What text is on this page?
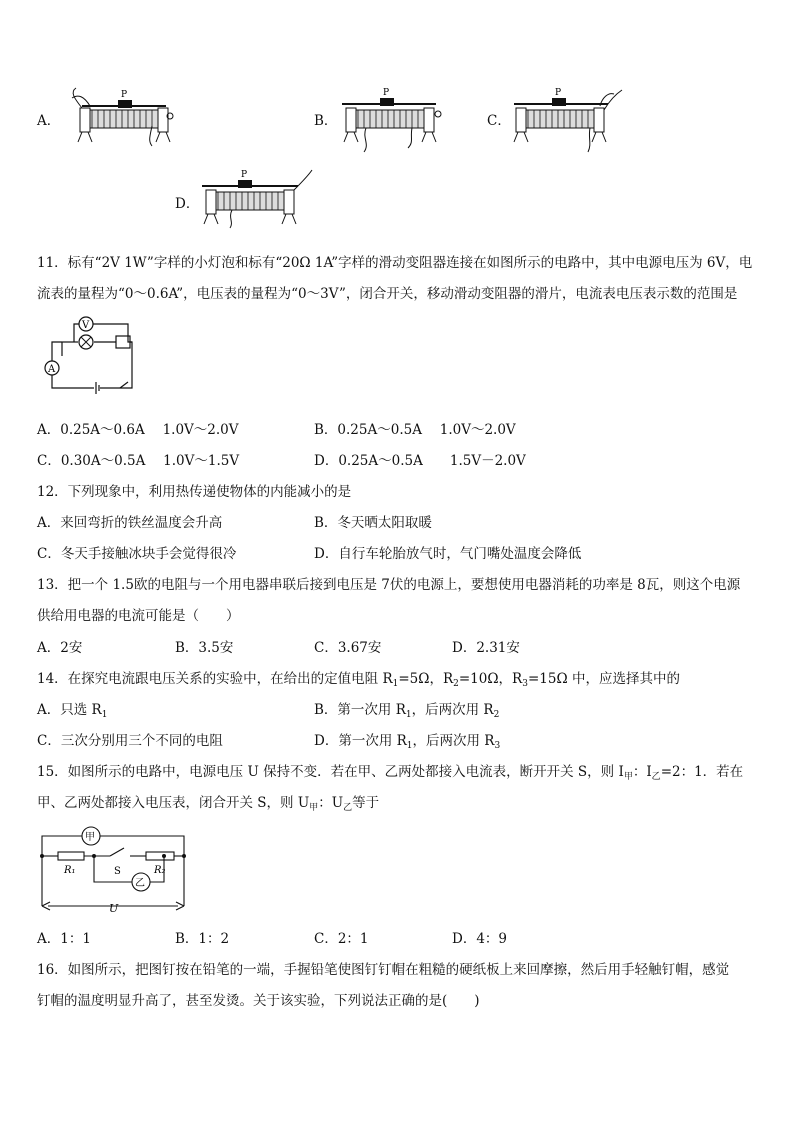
A．	B．	C．
D．
P	P	P
P
11．标有“2V 1W”字样的小灯泡和标有“20Ω 1A”字样的滑动变阻器连接在如图所示的电路中，其中电源电压为 6V，电
流表的量程为“0～0.6A”，电压表的量程为“0～3V”，闭合开关，移动滑动变阻器的滑片，电流表电压表示数的范围是
V
A
A．0.25A～0.6A　 1.0V～2.0V	B．0.25A～0.5A　 1.0V～2.0V
C．0.30A～0.5A　 1.0V～1.5V	D．0.25A～0.5A　　1.5V－2.0V
12．下列现象中，利用热传递使物体的内能减小的是
A．来回弯折的铁丝温度会升高	B．冬天晒太阳取暖
C．冬天手接触冰块手会觉得很冷	D．自行车轮胎放气时，气门嘴处温度会降低
13．把一个 1.5欧的电阻与一个用电器串联后接到电压是 7伏的电源上，要想使用电器消耗的功率是 8瓦，则这个电源
供给用电器的电流可能是（　　）
A．2安	B．3.5安	C．3.67安	D．2.31安
14．在探究电流跟电压关系的实验中，在给出的定值电阻 $R_1=5\Omega$，$R_2=10\Omega$，$R_3=15\Omega$ 中，应选择其中的
A．只选 $R_1$	B．第一次用 $R_1$，后两次用 $R_2$
C．三次分别用三个不同的电阻	D．第一次用 $R_1$，后两次用 $R_3$
15．如图所示的电路中，电源电压 U 保持不变．若在甲、乙两处都接入电流表，断开开关 S，则 $I_甲$：$I_乙=2$：1．若在
甲、乙两处都接入电压表，闭合开关 S，则 $U_甲$：$U_乙$等于
甲
乙
R₁	R₂
S
U
A．1：1	B．1：2	C．2：1	D．4：9
16．如图所示，把图钉按在铅笔的一端，手握铅笔使图钉钉帽在粗糙的硬纸板上来回摩擦，然后用手轻触钉帽，感觉
钉帽的温度明显升高了，甚至发烫。关于该实验，下列说法正确的是(　　)
